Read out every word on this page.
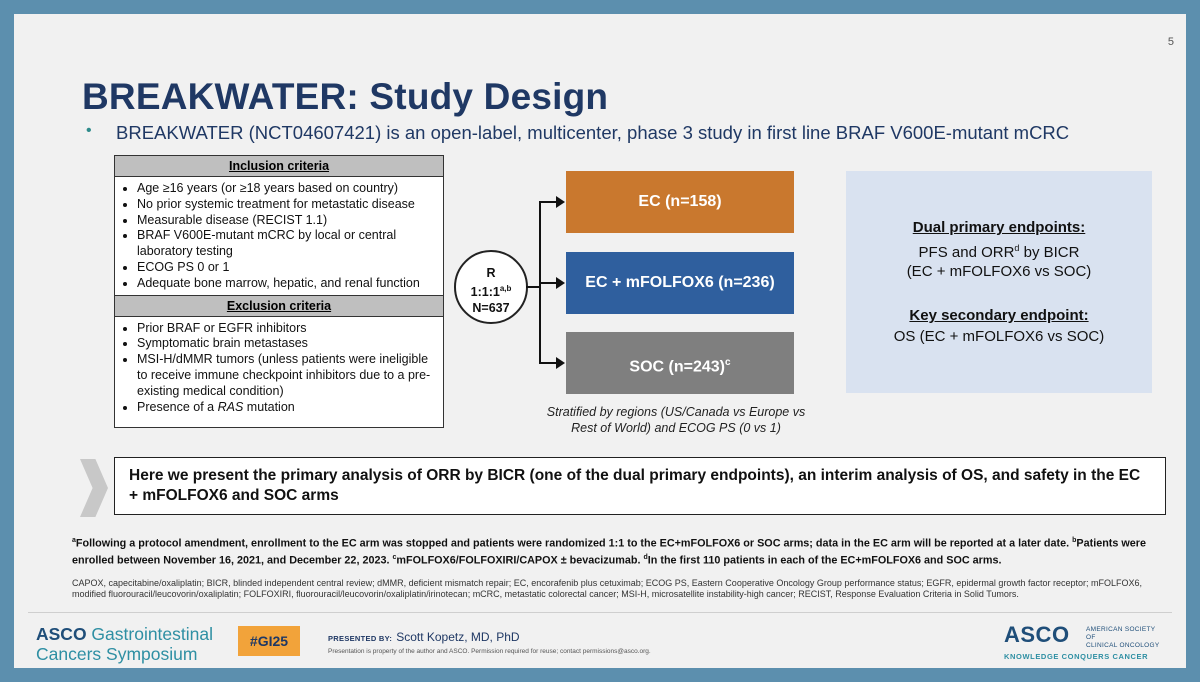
5
BREAKWATER: Study Design
• BREAKWATER (NCT04607421) is an open-label, multicenter, phase 3 study in first line BRAF V600E-mutant mCRC
Inclusion criteria
• Age ≥16 years (or ≥18 years based on country)
• No prior systemic treatment for metastatic disease
• Measurable disease (RECIST 1.1)
• BRAF V600E-mutant mCRC by local or central laboratory testing
• ECOG PS 0 or 1
• Adequate bone marrow, hepatic, and renal function
Exclusion criteria
• Prior BRAF or EGFR inhibitors
• Symptomatic brain metastases
• MSI-H/dMMR tumors (unless patients were ineligible to receive immune checkpoint inhibitors due to a pre-existing medical condition)
• Presence of a RAS mutation
R
1:1:1$^{a,b}$
N=637
EC (n=158)
EC + mFOLFOX6 (n=236)
SOC (n=243)$^c$
Stratified by regions (US/Canada vs Europe vs Rest of World) and ECOG PS (0 vs 1)
Dual primary endpoints:
PFS and ORR$^d$ by BICR
(EC + mFOLFOX6 vs SOC)
Key secondary endpoint:
OS (EC + mFOLFOX6 vs SOC)
Here we present the primary analysis of ORR by BICR (one of the dual primary endpoints), an interim analysis of OS, and safety in the EC + mFOLFOX6 and SOC arms
$^a$Following a protocol amendment, enrollment to the EC arm was stopped and patients were randomized 1:1 to the EC+mFOLFOX6 or SOC arms; data in the EC arm will be reported at a later date. $^b$Patients were enrolled between November 16, 2021, and December 22, 2023. $^c$mFOLFOX6/FOLFOXIRI/CAPOX ± bevacizumab. $^d$In the first 110 patients in each of the EC+mFOLFOX6 and SOC arms.
CAPOX, capecitabine/oxaliplatin; BICR, blinded independent central review; dMMR, deficient mismatch repair; EC, encorafenib plus cetuximab; ECOG PS, Eastern Cooperative Oncology Group performance status; EGFR, epidermal growth factor receptor; mFOLFOX6, modified fluorouracil/leucovorin/oxaliplatin; FOLFOXIRI, fluorouracil/leucovorin/oxaliplatin/irinotecan; mCRC, metastatic colorectal cancer; MSI-H, microsatellite instability-high cancer; RECIST, Response Evaluation Criteria in Solid Tumors.
ASCO Gastrointestinal
Cancers Symposium
#GI25	PRESENTED BY: Scott Kopetz, MD, PhD
Presentation is property of the author and ASCO. Permission required for reuse; contact permissions@asco.org.
ASCO	AMERICAN SOCIETY OF
CLINICAL ONCOLOGY
KNOWLEDGE CONQUERS CANCER
